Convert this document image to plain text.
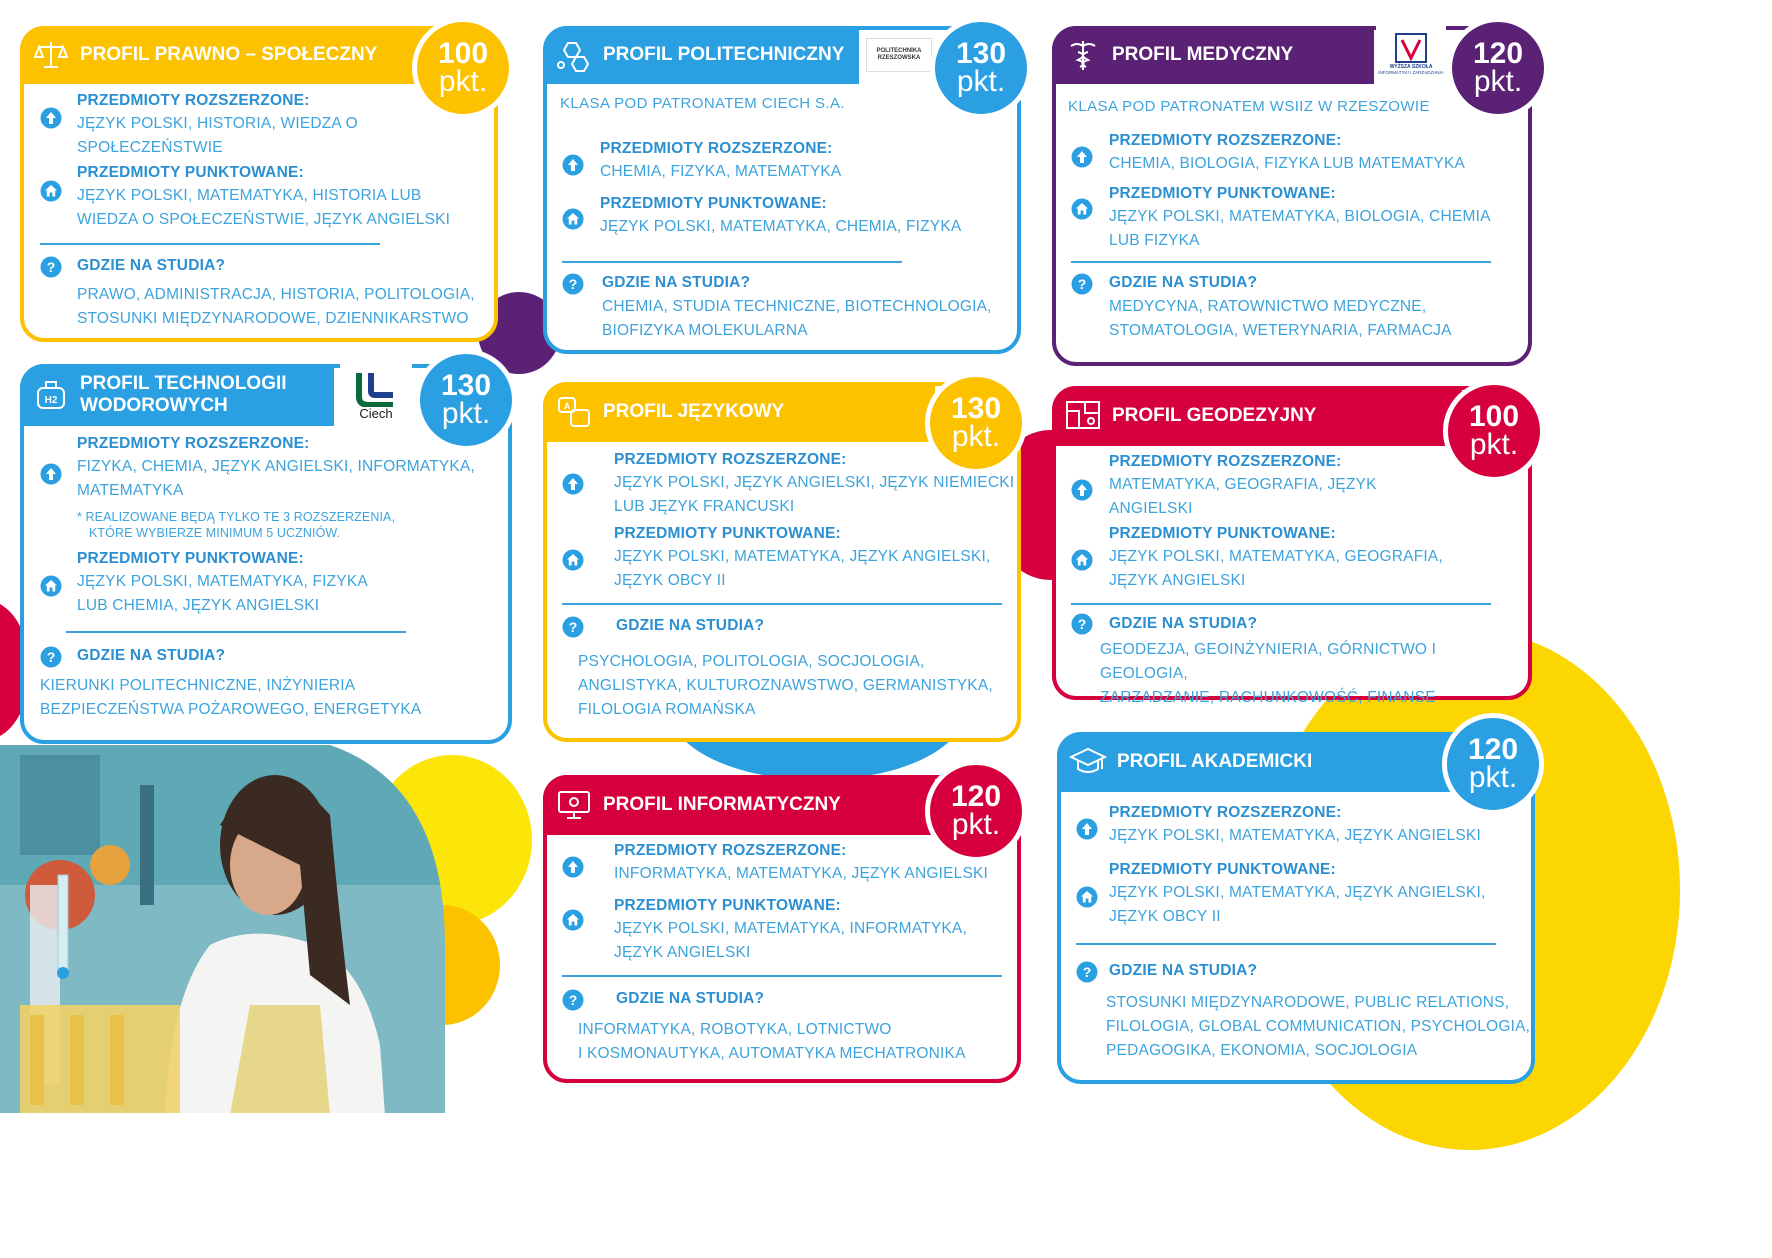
PROFIL PRAWNO – SPOŁECZNY	100
pkt.
PRZEDMIOTY ROZSZERZONE:
JĘZYK POLSKI, HISTORIA, WIEDZA O
SPOŁECZEŃSTWIE
PRZEDMIOTY PUNKTOWANE:
JĘZYK POLSKI, MATEMATYKA, HISTORIA LUB
WIEDZA O SPOŁECZEŃSTWIE, JĘZYK ANGIELSKI
GDZIE NA STUDIA?
PRAWO, ADMINISTRACJA, HISTORIA, POLITOLOGIA,
STOSUNKI MIĘDZYNARODOWE, DZIENNIKARSTWO
PROFIL POLITECHNICZNY	POLITECHNIKA
RZESZOWSKA	130
pkt.
KLASA POD PATRONATEM CIECH S.A.
PRZEDMIOTY ROZSZERZONE:
CHEMIA, FIZYKA, MATEMATYKA
PRZEDMIOTY PUNKTOWANE:
JĘZYK POLSKI, MATEMATYKA, CHEMIA, FIZYKA
GDZIE NA STUDIA?
CHEMIA, STUDIA TECHNICZNE, BIOTECHNOLOGIA,
BIOFIZYKA MOLEKULARNA
PROFIL MEDYCZNY
WYŻSZA SZKOŁA
INFORMATYKI I ZARZĄDZANIA
120
pkt.
KLASA POD PATRONATEM WSIIZ W RZESZOWIE
PRZEDMIOTY ROZSZERZONE:
CHEMIA, BIOLOGIA, FIZYKA LUB MATEMATYKA
PRZEDMIOTY PUNKTOWANE:
JĘZYK POLSKI, MATEMATYKA, BIOLOGIA, CHEMIA
LUB FIZYKA
GDZIE NA STUDIA?
MEDYCYNA, RATOWNICTWO MEDYCZNE,
STOMATOLOGIA, WETERYNARIA, FARMACJA
H2
PROFIL TECHNOLOGII
WODOROWYCH	Ciech
130
pkt.
PRZEDMIOTY ROZSZERZONE:
FIZYKA, CHEMIA, JĘZYK ANGIELSKI, INFORMATYKA,
MATEMATYKA
* REALIZOWANE BĘDĄ TYLKO TE 3 ROZSZERZENIA,
KTÓRE WYBIERZE MINIMUM 5 UCZNIÓW.
PRZEDMIOTY PUNKTOWANE:
JĘZYK POLSKI, MATEMATYKA, FIZYKA
LUB CHEMIA, JĘZYK ANGIELSKI
GDZIE NA STUDIA?
KIERUNKI POLITECHNICZNE, INŻYNIERIA
BEZPIECZEŃSTWA POŻAROWEGO, ENERGETYKA
A PROFIL JĘZYKOWY	130
pkt.
PRZEDMIOTY ROZSZERZONE:
JĘZYK POLSKI, JĘZYK ANGIELSKI, JĘZYK NIEMIECKI
LUB JĘZYK FRANCUSKI
PRZEDMIOTY PUNKTOWANE:
JĘZYK POLSKI, MATEMATYKA, JĘZYK ANGIELSKI,
JĘZYK OBCY II
GDZIE NA STUDIA?
PSYCHOLOGIA, POLITOLOGIA, SOCJOLOGIA,
ANGLISTYKA, KULTUROZNAWSTWO, GERMANISTYKA,
FILOLOGIA ROMAŃSKA
PROFIL GEODEZYJNY	100
pkt.
PRZEDMIOTY ROZSZERZONE:
MATEMATYKA, GEOGRAFIA, JĘZYK
ANGIELSKI
PRZEDMIOTY PUNKTOWANE:
JĘZYK POLSKI, MATEMATYKA, GEOGRAFIA,
JĘZYK ANGIELSKI
GDZIE NA STUDIA?
GEODEZJA, GEOINŻYNIERIA, GÓRNICTWO I GEOLOGIA,
ZARZADZANIE, RACHUNKOWOŚĆ, FINANSE
PROFIL INFORMATYCZNY	120
pkt.
PRZEDMIOTY ROZSZERZONE:
INFORMATYKA, MATEMATYKA, JĘZYK ANGIELSKI
PRZEDMIOTY PUNKTOWANE:
JĘZYK POLSKI, MATEMATYKA, INFORMATYKA,
JĘZYK ANGIELSKI
GDZIE NA STUDIA?
INFORMATYKA, ROBOTYKA, LOTNICTWO
I KOSMONAUTYKA, AUTOMATYKA MECHATRONIKA
PROFIL AKADEMICKI	120
pkt.
PRZEDMIOTY ROZSZERZONE:
JĘZYK POLSKI, MATEMATYKA, JĘZYK ANGIELSKI
PRZEDMIOTY PUNKTOWANE:
JĘZYK POLSKI, MATEMATYKA, JĘZYK ANGIELSKI,
JĘZYK OBCY II
GDZIE NA STUDIA?
STOSUNKI MIĘDZYNARODOWE, PUBLIC RELATIONS,
FILOLOGIA, GLOBAL COMMUNICATION, PSYCHOLOGIA,
PEDAGOGIKA, EKONOMIA, SOCJOLOGIA
